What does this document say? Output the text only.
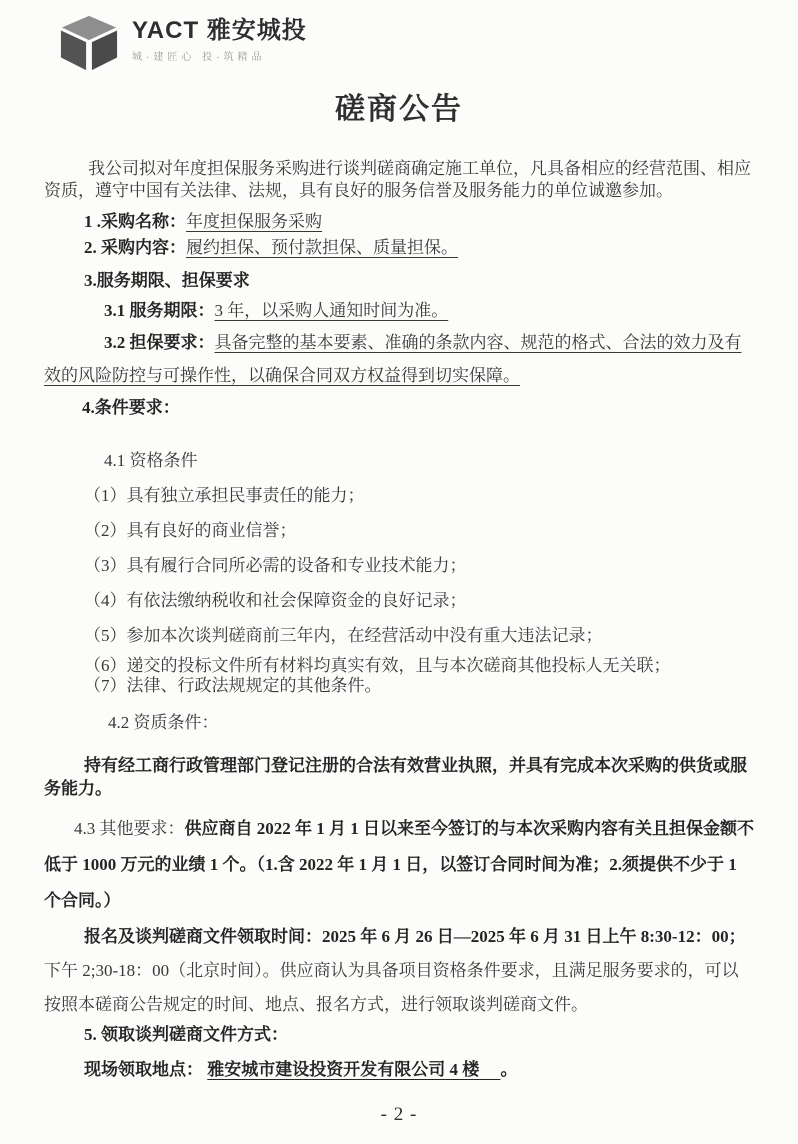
YACT 雅安城投
城·建匠心 投·筑精品
磋商公告

我公司拟对年度担保服务采购进行谈判磋商确定施工单位，凡具备相应的经营范围、相应资质，遵守中国有关法律、法规，具有良好的服务信誉及服务能力的单位诚邀参加。

1 .采购名称：年度担保服务采购

2. 采购内容：履约担保、预付款担保、质量担保。

3.服务期限、担保要求

3.1 服务期限：3 年，以采购人通知时间为准。

3.2 担保要求：具备完整的基本要素、准确的条款内容、规范的格式、合法的效力及有效的风险防控与可操作性，以确保合同双方权益得到切实保障。

4.条件要求：

4.1 资格条件

（1）具有独立承担民事责任的能力；

（2）具有良好的商业信誉；

（3）具有履行合同所必需的设备和专业技术能力；

（4）有依法缴纳税收和社会保障资金的良好记录；

（5）参加本次谈判磋商前三年内，在经营活动中没有重大违法记录；

（6）递交的投标文件所有材料均真实有效，且与本次磋商其他投标人无关联；

（7）法律、行政法规规定的其他条件。

4.2 资质条件：

持有经工商行政管理部门登记注册的合法有效营业执照，并具有完成本次采购的供货或服务能力。

4.3 其他要求：供应商自 2022 年 1 月 1 日以来至今签订的与本次采购内容有关且担保金额不低于 1000 万元的业绩 1 个。（1.含 2022 年 1 月 1 日，以签订合同时间为准；2.须提供不少于 1 个合同。）

报名及谈判磋商文件领取时间：2025 年 6 月 26 日—2025 年 6 月 31 日上午 8:30-12：00；下午 2;30-18：00（北京时间）。供应商认为具备项目资格条件要求，且满足服务要求的，可以按照本磋商公告规定的时间、地点、报名方式，进行领取谈判磋商文件。

5. 领取谈判磋商文件方式：

现场领取地点： 雅安城市建设投资开发有限公司 4 楼　 。

- 2 -
